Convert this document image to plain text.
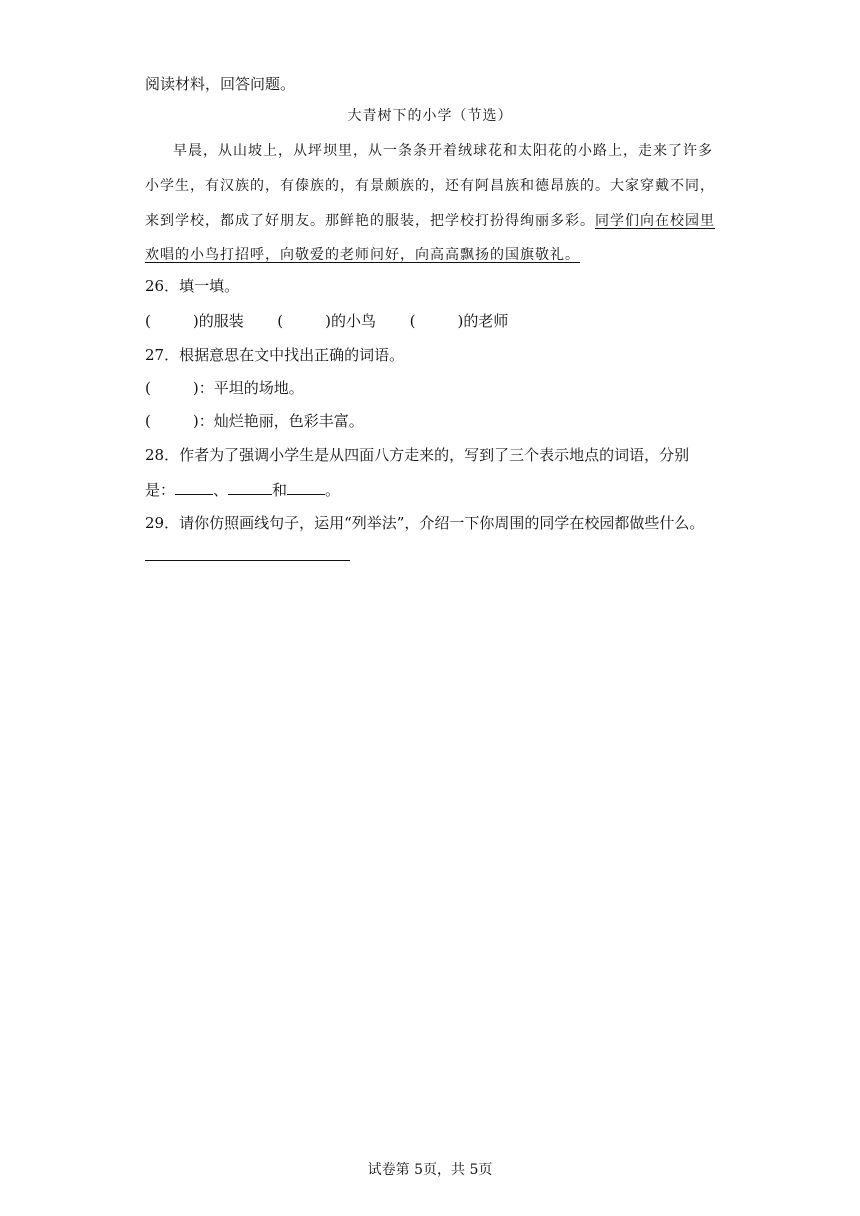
阅读材料，回答问题。
大青树下的小学（节选）
早晨，从山坡上，从坪坝里，从一条条开着绒球花和太阳花的小路上，走来了许多
小学生，有汉族的，有傣族的，有景颇族的，还有阿昌族和德昂族的。大家穿戴不同，
来到学校，都成了好朋友。那鲜艳的服装，把学校打扮得绚丽多彩。同学们向在校园里
欢唱的小鸟打招呼，向敬爱的老师问好，向高高飘扬的国旗敬礼。
26．填一填。
(	)的服装 (	)的小鸟 (	)的老师
27．根据意思在文中找出正确的词语。
(	)：平坦的场地。
(	)：灿烂艳丽，色彩丰富。
28．作者为了强调小学生是从四面八方走来的，写到了三个表示地点的词语，分别
是：	、	和	。
29．请你仿照画线句子，运用“列举法”，介绍一下你周围的同学在校园都做些什么。
试卷第 5页，共 5页
